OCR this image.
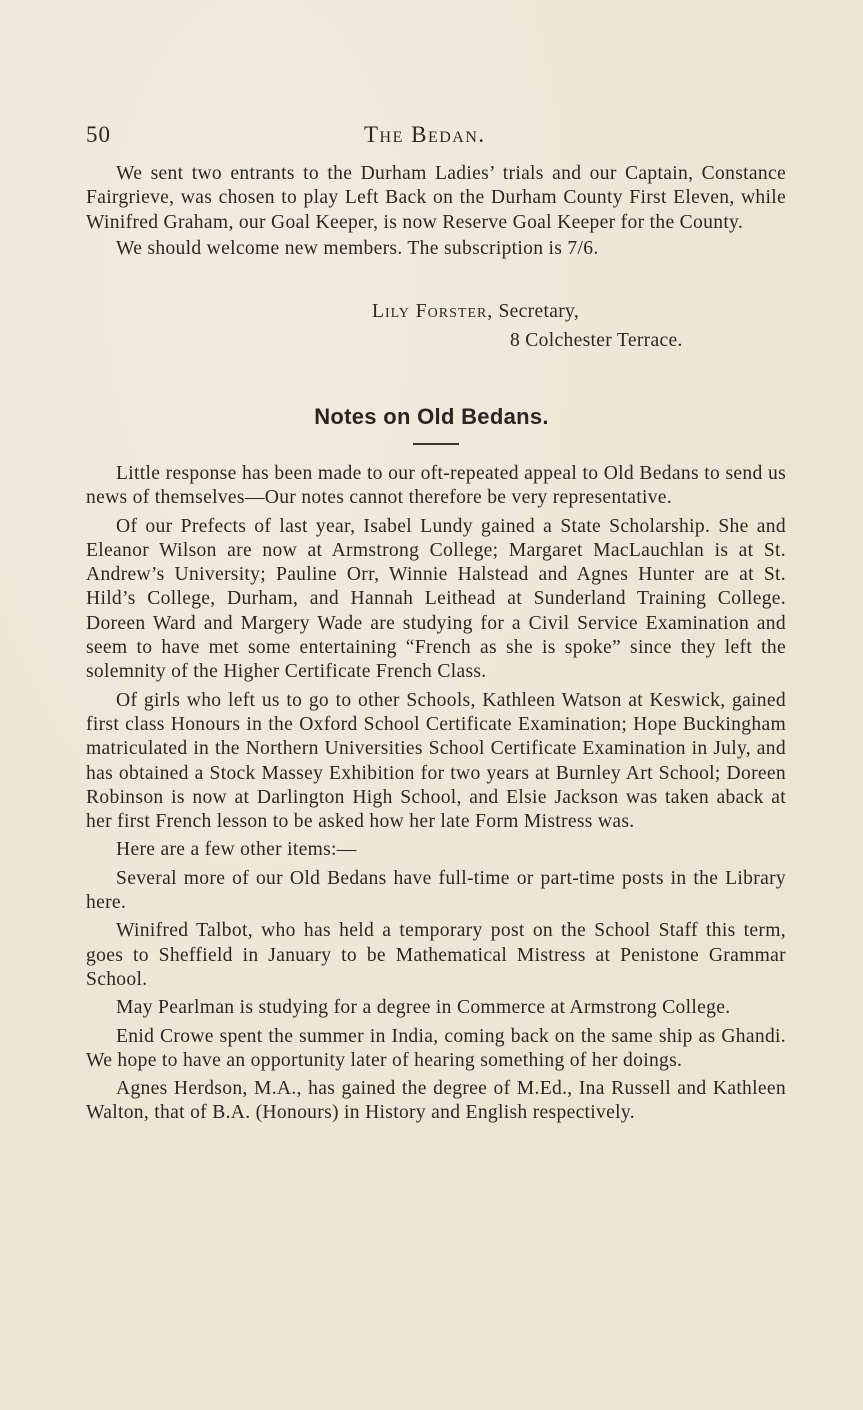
50	The Bedan.

We sent two entrants to the Durham Ladies’ trials and our Captain, Constance Fairgrieve, was chosen to play Left Back on the Durham County First Eleven, while Winifred Graham, our Goal Keeper, is now Reserve Goal Keeper for the County.

We should welcome new members. The subscription is 7/6.

Lily Forster, Secretary,
8 Colchester Terrace.
Notes on Old Bedans.

Little response has been made to our oft-repeated appeal to Old Bedans to send us news of themselves—Our notes cannot therefore be very representative.

Of our Prefects of last year, Isabel Lundy gained a State Scholarship. She and Eleanor Wilson are now at Armstrong College; Margaret MacLauchlan is at St. Andrew’s University; Pauline Orr, Winnie Halstead and Agnes Hunter are at St. Hild’s College, Durham, and Hannah Leithead at Sunderland Training College. Doreen Ward and Margery Wade are studying for a Civil Service Examination and seem to have met some entertaining “French as she is spoke” since they left the solemnity of the Higher Certificate French Class.

Of girls who left us to go to other Schools, Kathleen Watson at Keswick, gained first class Honours in the Oxford School Certificate Examination; Hope Buckingham matriculated in the Northern Universities School Certificate Examination in July, and has obtained a Stock Massey Exhibition for two years at Burnley Art School; Doreen Robinson is now at Darlington High School, and Elsie Jackson was taken aback at her first French lesson to be asked how her late Form Mistress was.

Here are a few other items:—

Several more of our Old Bedans have full-time or part-time posts in the Library here.

Winifred Talbot, who has held a temporary post on the School Staff this term, goes to Sheffield in January to be Mathematical Mistress at Penistone Grammar School.

May Pearlman is studying for a degree in Commerce at Armstrong College.

Enid Crowe spent the summer in India, coming back on the same ship as Ghandi. We hope to have an opportunity later of hearing something of her doings.

Agnes Herdson, M.A., has gained the degree of M.Ed., Ina Russell and Kathleen Walton, that of B.A. (Honours) in History and English respectively.
